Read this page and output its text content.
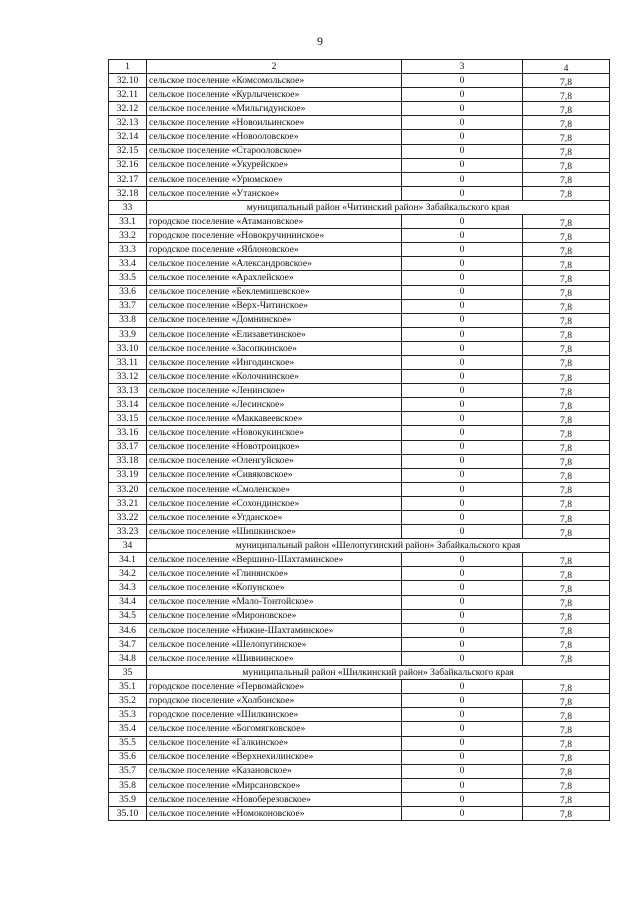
9
1	2	3	4
32.10	сельское поселение «Комсомольское»	0	7,8
32.11	сельское поселение «Курлыченское»	0	7,8
32.12	сельское поселение «Мильгидунское»	0	7,8
32.13	сельское поселение «Новоильинское»	0	7,8
32.14	сельское поселение «Новооловское»	0	7,8
32.15	сельское поселение «Старооловское»	0	7,8
32.16	сельское поселение «Укурейское»	0	7,8
32.17	сельское поселение «Урюмское»	0	7,8
32.18	сельское поселение «Утанское»	0	7,8
33	муниципальный район «Читинский район» Забайкальского края		
33.1	городское поселение «Атамановское»	0	7,8
33.2	городское поселение «Новокручининское»	0	7,8
33.3	городское поселение «Яблоновское»	0	7,8
33.4	сельское поселение «Александровское»	0	7,8
33.5	сельское поселение «Арахлейское»	0	7,8
33.6	сельское поселение «Беклемишевское»	0	7,8
33.7	сельское поселение «Верх-Читинское»	0	7,8
33.8	сельское поселение «Домнинское»	0	7,8
33.9	сельское поселение «Елизаветинское»	0	7,8
33.10	сельское поселение «Засопкинское»	0	7,8
33.11	сельское поселение «Ингодинское»	0	7,8
33.12	сельское поселение «Колочнинское»	0	7,8
33.13	сельское поселение «Ленинское»	0	7,8
33.14	сельское поселение «Лесинское»	0	7,8
33.15	сельское поселение «Маккавеевское»	0	7,8
33.16	сельское поселение «Новокукинское»	0	7,8
33.17	сельское поселение «Новотроицкое»	0	7,8
33.18	сельское поселение «Оленгуйское»	0	7,8
33.19	сельское поселение «Сивяковское»	0	7,8
33.20	сельское поселение «Смоленское»	0	7,8
33.21	сельское поселение «Сохондинское»	0	7,8
33.22	сельское поселение «Угданское»	0	7,8
33.23	сельское поселение «Шишкинское»	0	7,8
34	муниципальный район «Шелопугинский район» Забайкальского края		
34.1	сельское поселение «Вершино-Шахтаминское»	0	7,8
34.2	сельское поселение «Глинянское»	0	7,8
34.3	сельское поселение «Копунское»	0	7,8
34.4	сельское поселение «Мало-Тонтойское»	0	7,8
34.5	сельское поселение «Мироновское»	0	7,8
34.6	сельское поселение «Нижне-Шахтаминское»	0	7,8
34.7	сельское поселение «Шелопугинское»	0	7,8
34.8	сельское поселение «Шивиинское»	0	7,8
35	муниципальный район «Шилкинский район» Забайкальского края		
35.1	городское поселение «Первомайское»	0	7,8
35.2	городское поселение «Холбонское»	0	7,8
35.3	городское поселение «Шилкинское»	0	7,8
35.4	сельское поселение «Богомягковское»	0	7,8
35.5	сельское поселение «Галкинское»	0	7,8
35.6	сельское поселение «Верхнехилинское»	0	7,8
35.7	сельское поселение «Казановское»	0	7,8
35.8	сельское поселение «Мирсановское»	0	7,8
35.9	сельское поселение «Новоберезовское»	0	7,8
35.10	сельское поселение «Номоконовское»	0	7,8
